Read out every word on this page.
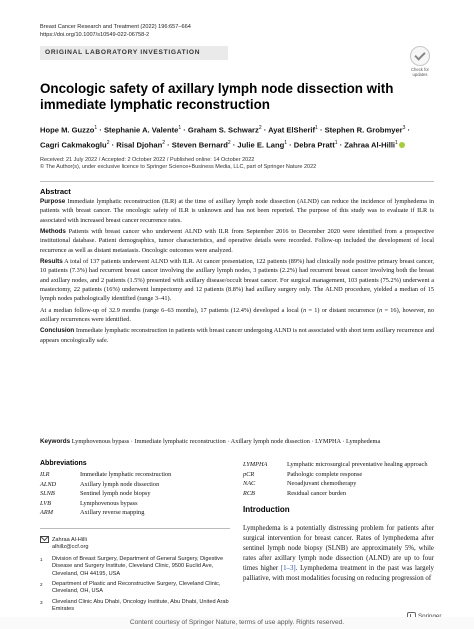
Breast Cancer Research and Treatment (2022) 196:657–664
https://doi.org/10.1007/s10549-022-06758-2
ORIGINAL LABORATORY INVESTIGATION
Check for updates
Oncologic safety of axillary lymph node dissection with immediate lymphatic reconstruction
Hope M. Guzzo$^1$ · Stephanie A. Valente$^1$ · Graham S. Schwarz$^2$ · Ayat ElSherif$^1$ · Stephen R. Grobmyer$^3$ ·
Cagri Cakmakoglu$^2$ · Risal Djohan$^2$ · Steven Bernard$^2$ · Julie E. Lang$^1$ · Debra Pratt$^1$ · Zahraa Al-Hilli$^1$
Received: 21 July 2022 / Accepted: 2 October 2022 / Published online: 14 October 2022
© The Author(s), under exclusive licence to Springer Science+Business Media, LLC, part of Springer Nature 2022
Abstract

Purpose Immediate lymphatic reconstruction (ILR) at the time of axillary lymph node dissection (ALND) can reduce the incidence of lymphedema in patients with breast cancer. The oncologic safety of ILR is unknown and has not been reported. The purpose of this study was to evaluate if ILR is associated with increased breast cancer recurrence rates.

Methods Patients with breast cancer who underwent ALND with ILR from September 2016 to December 2020 were identified from a prospective institutional database. Patient demographics, tumor characteristics, and operative details were recorded. Follow-up included the development of local recurrence as well as distant metastasis. Oncologic outcomes were analyzed.

Results A total of 137 patients underwent ALND with ILR. At cancer presentation, 122 patients (89%) had clinically node positive primary breast cancer, 10 patients (7.3%) had recurrent breast cancer involving the axillary lymph nodes, 3 patients (2.2%) had recurrent breast cancer involving both the breast and axillary nodes, and 2 patients (1.5%) presented with axillary disease/occult breast cancer. For surgical management, 103 patients (75.2%) underwent a mastectomy, 22 patients (16%) underwent lumpectomy and 12 patients (8.8%) had axillary surgery only. The ALND procedure, yielded a median of 15 lymph nodes pathologically identified (range 3–41).

At a median follow-up of 32.9 months (range 6–63 months), 17 patients (12.4%) developed a local (n = 1) or distant recurrence (n = 16), however, no axillary recurrences were identified.

Conclusion Immediate lymphatic reconstruction in patients with breast cancer undergoing ALND is not associated with short term axillary recurrence and appears oncologically safe.

Keywords Lymphovenous bypass · Immediate lymphatic reconstruction · Axillary lymph node dissection · LYMPHA · Lymphedema
Abbreviations
ILR	Immediate lymphatic reconstruction
ALND	Axillary lymph node dissection
SLNB	Sentinel lymph node biopsy
LVB	Lymphovenous bypass
ARM	Axillary reverse mapping
LYMPHA	Lymphatic microsurgical preventative healing approach
pCR	Pathologic complete response
NAC	Neoadjuvant chemotherapy
RCB	Residual cancer burden
Zahraa Al-Hilli
alhillz@ccf.org
1	Division of Breast Surgery, Department of General Surgery, Digestive Disease and Surgery Institute, Cleveland Clinic, 9500 Euclid Ave, Cleveland, OH 44195, USA
2	Department of Plastic and Reconstructive Surgery, Cleveland Clinic, Cleveland, OH, USA
3	Cleveland Clinic Abu Dhabi, Oncology Institute, Abu Dhabi, United Arab Emirates
Introduction

Lymphedema is a potentially distressing problem for patients after surgical intervention for breast cancer. Rates of lymphedema after sentinel lymph node biopsy (SLNB) are approximately 5%, while rates after axillary lymph node dissection (ALND) are up to four times higher [1–3]. Lymphedema treatment in the past was largely palliative, with most modalities focusing on reducing progression of

Content courtesy of Springer Nature, terms of use apply. Rights reserved.
